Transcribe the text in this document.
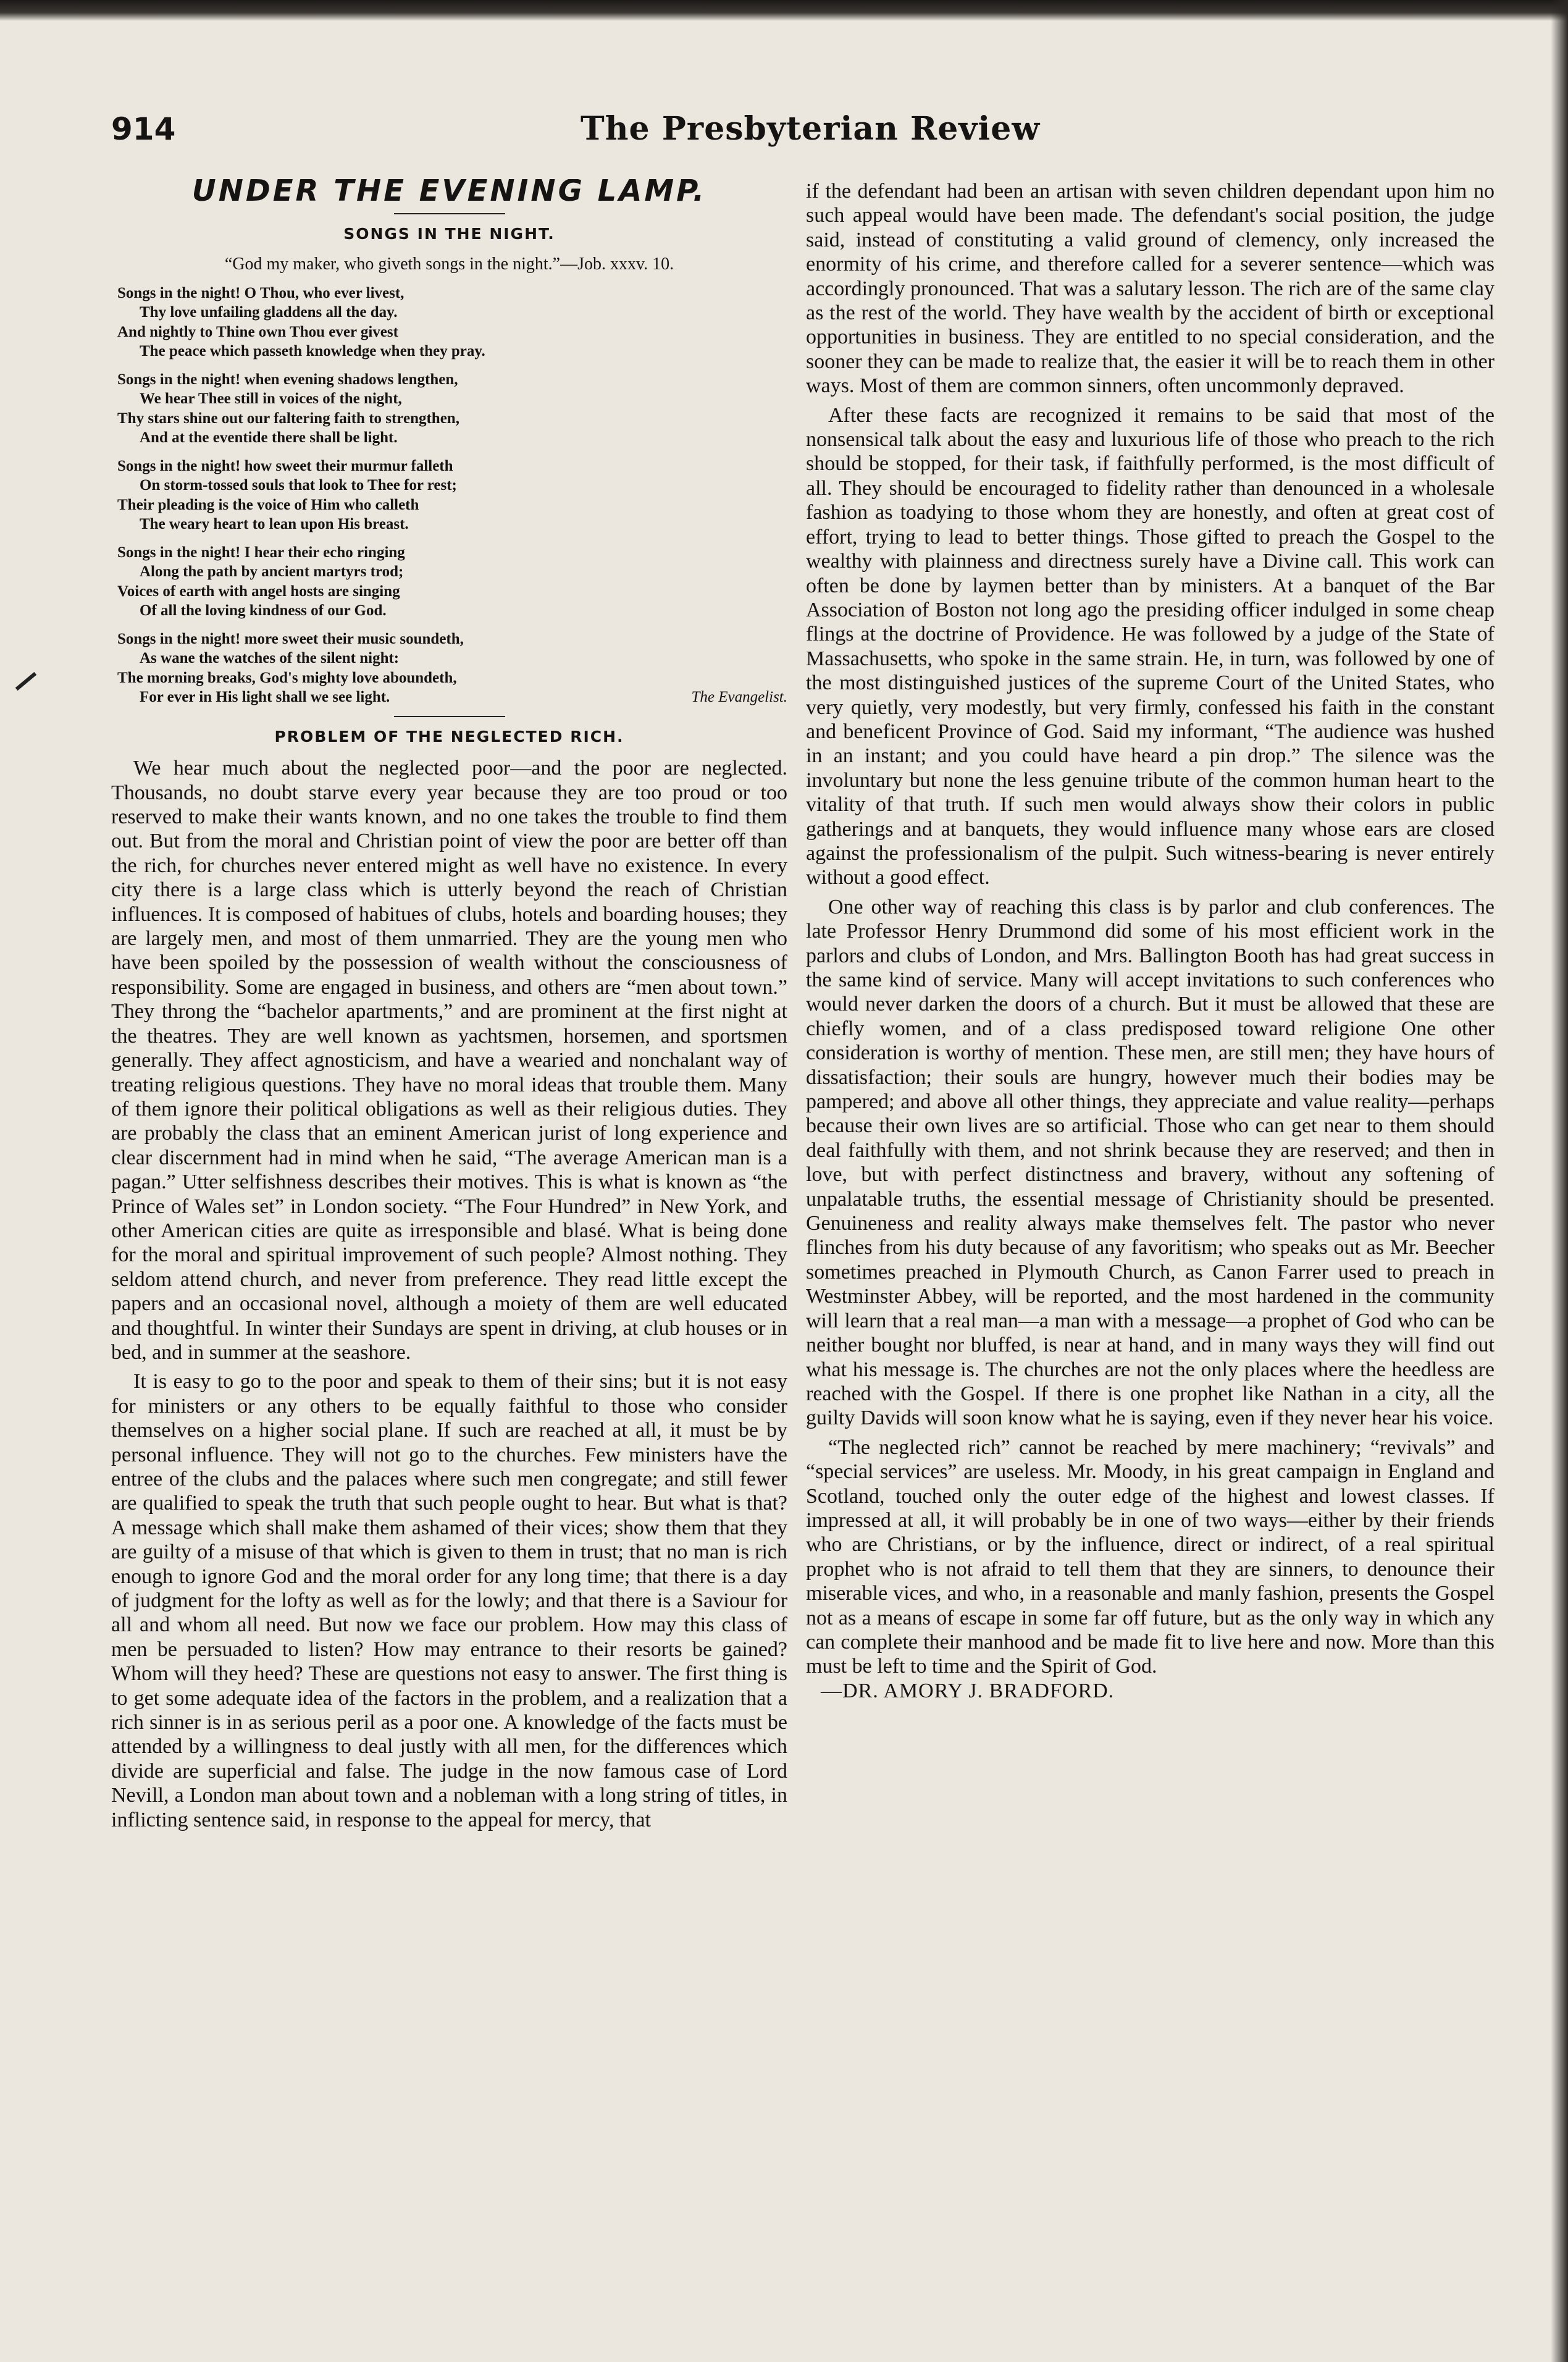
914	The Presbyterian Review
UNDER THE EVENING LAMP.
SONGS IN THE NIGHT.
“God my maker, who giveth songs in the night.”—Job. xxxv. 10.
Songs in the night! O Thou, who ever livest,
Thy love unfailing gladdens all the day.
And nightly to Thine own Thou ever givest
The peace which passeth knowledge when they pray.
Songs in the night! when evening shadows lengthen,
We hear Thee still in voices of the night,
Thy stars shine out our faltering faith to strengthen,
And at the eventide there shall be light.
Songs in the night! how sweet their murmur falleth
On storm-tossed souls that look to Thee for rest;
Their pleading is the voice of Him who calleth
The weary heart to lean upon His breast.
Songs in the night! I hear their echo ringing
Along the path by ancient martyrs trod;
Voices of earth with angel hosts are singing
Of all the loving kindness of our God.
Songs in the night! more sweet their music soundeth,
As wane the watches of the silent night:
The morning breaks, God's mighty love aboundeth,
For ever in His light shall we see light.	The Evangelist.
PROBLEM OF THE NEGLECTED RICH.

We hear much about the neglected poor—and the poor are neglected. Thousands, no doubt starve every year because they are too proud or too reserved to make their wants known, and no one takes the trouble to find them out. But from the moral and Christian point of view the poor are better off than the rich, for churches never entered might as well have no existence. In every city there is a large class which is utterly beyond the reach of Christian influences. It is composed of habitues of clubs, hotels and boarding houses; they are largely men, and most of them unmarried. They are the young men who have been spoiled by the possession of wealth without the consciousness of responsibility. Some are engaged in business, and others are “men about town.” They throng the “bachelor apartments,” and are prominent at the first night at the theatres. They are well known as yachtsmen, horsemen, and sportsmen generally. They affect agnosticism, and have a wearied and nonchalant way of treating religious questions. They have no moral ideas that trouble them. Many of them ignore their political obligations as well as their religious duties. They are probably the class that an eminent American jurist of long experience and clear discernment had in mind when he said, “The average American man is a pagan.” Utter selfishness describes their motives. This is what is known as “the Prince of Wales set” in London society. “The Four Hundred” in New York, and other American cities are quite as irresponsible and blasé. What is being done for the moral and spiritual improvement of such people? Almost nothing. They seldom attend church, and never from preference. They read little except the papers and an occasional novel, although a moiety of them are well educated and thoughtful. In winter their Sundays are spent in driving, at club houses or in bed, and in summer at the seashore.

It is easy to go to the poor and speak to them of their sins; but it is not easy for ministers or any others to be equally faithful to those who consider themselves on a higher social plane. If such are reached at all, it must be by personal influence. They will not go to the churches. Few ministers have the entree of the clubs and the palaces where such men congregate; and still fewer are qualified to speak the truth that such people ought to hear. But what is that? A message which shall make them ashamed of their vices; show them that they are guilty of a misuse of that which is given to them in trust; that no man is rich enough to ignore God and the moral order for any long time; that there is a day of judgment for the lofty as well as for the lowly; and that there is a Saviour for all and whom all need. But now we face our problem. How may this class of men be persuaded to listen? How may entrance to their resorts be gained? Whom will they heed? These are questions not easy to answer. The first thing is to get some adequate idea of the factors in the problem, and a realization that a rich sinner is in as serious peril as a poor one. A knowledge of the facts must be attended by a willingness to deal justly with all men, for the differences which divide are superficial and false. The judge in the now famous case of Lord Nevill, a London man about town and a nobleman with a long string of titles, in inflicting sentence said, in response to the appeal for mercy, that

if the defendant had been an artisan with seven children dependant upon him no such appeal would have been made. The defendant's social position, the judge said, instead of constituting a valid ground of clemency, only increased the enormity of his crime, and therefore called for a severer sentence—which was accordingly pronounced. That was a salutary lesson. The rich are of the same clay as the rest of the world. They have wealth by the accident of birth or exceptional opportunities in business. They are entitled to no special consideration, and the sooner they can be made to realize that, the easier it will be to reach them in other ways. Most of them are common sinners, often uncommonly depraved.

After these facts are recognized it remains to be said that most of the nonsensical talk about the easy and luxurious life of those who preach to the rich should be stopped, for their task, if faithfully performed, is the most difficult of all. They should be encouraged to fidelity rather than denounced in a wholesale fashion as toadying to those whom they are honestly, and often at great cost of effort, trying to lead to better things. Those gifted to preach the Gospel to the wealthy with plainness and directness surely have a Divine call. This work can often be done by laymen better than by ministers. At a banquet of the Bar Association of Boston not long ago the presiding officer indulged in some cheap flings at the doctrine of Providence. He was followed by a judge of the State of Massachusetts, who spoke in the same strain. He, in turn, was followed by one of the most distinguished justices of the supreme Court of the United States, who very quietly, very modestly, but very firmly, confessed his faith in the constant and beneficent Province of God. Said my informant, “The audience was hushed in an instant; and you could have heard a pin drop.” The silence was the involuntary but none the less genuine tribute of the common human heart to the vitality of that truth. If such men would always show their colors in public gatherings and at banquets, they would influence many whose ears are closed against the professionalism of the pulpit. Such witness-bearing is never entirely without a good effect.

One other way of reaching this class is by parlor and club conferences. The late Professor Henry Drummond did some of his most efficient work in the parlors and clubs of London, and Mrs. Ballington Booth has had great success in the same kind of service. Many will accept invitations to such conferences who would never darken the doors of a church. But it must be allowed that these are chiefly women, and of a class predisposed toward religione One other consideration is worthy of mention. These men, are still men; they have hours of dissatisfaction; their souls are hungry, however much their bodies may be pampered; and above all other things, they appreciate and value reality—perhaps because their own lives are so artificial. Those who can get near to them should deal faithfully with them, and not shrink because they are reserved; and then in love, but with perfect distinctness and bravery, without any softening of unpalatable truths, the essential message of Christianity should be presented. Genuineness and reality always make themselves felt. The pastor who never flinches from his duty because of any favoritism; who speaks out as Mr. Beecher sometimes preached in Plymouth Church, as Canon Farrer used to preach in Westminster Abbey, will be reported, and the most hardened in the community will learn that a real man—a man with a message—a prophet of God who can be neither bought nor bluffed, is near at hand, and in many ways they will find out what his message is. The churches are not the only places where the heedless are reached with the Gospel. If there is one prophet like Nathan in a city, all the guilty Davids will soon know what he is saying, even if they never hear his voice.

“The neglected rich” cannot be reached by mere machinery; “revivals” and “special services” are useless. Mr. Moody, in his great campaign in England and Scotland, touched only the outer edge of the highest and lowest classes. If impressed at all, it will probably be in one of two ways—either by their friends who are Christians, or by the influence, direct or indirect, of a real spiritual prophet who is not afraid to tell them that they are sinners, to denounce their miserable vices, and who, in a reasonable and manly fashion, presents the Gospel not as a means of escape in some far off future, but as the only way in which any can complete their manhood and be made fit to live here and now. More than this must be left to time and the Spirit of God.

—DR. AMORY J. BRADFORD.
